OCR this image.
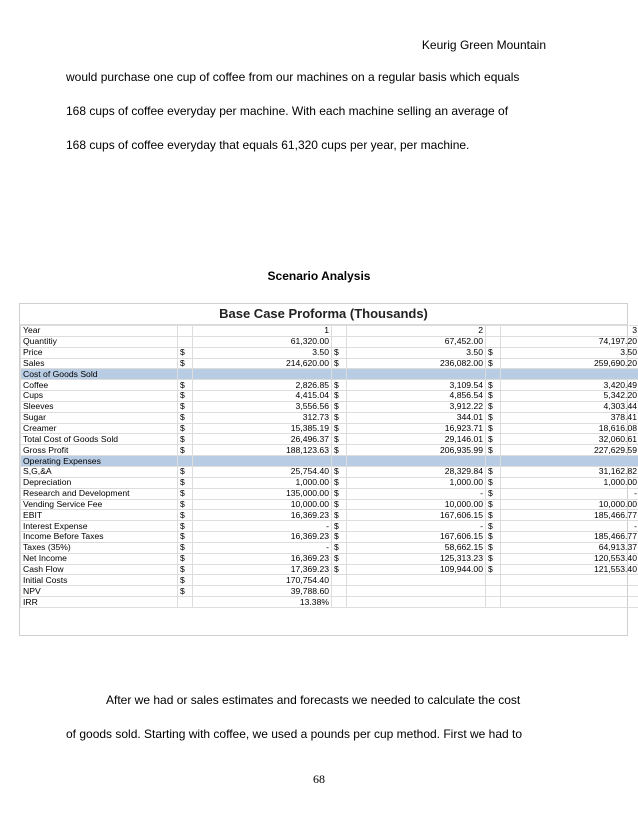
Keurig Green Mountain
would purchase one cup of coffee from our machines on a regular basis which equals
168 cups of coffee everyday per machine. With each machine selling an average of
168 cups of coffee everyday that equals 61,320 cups per year, per machine.
Scenario Analysis
Base Case Proforma (Thousands)
Year		1		2		3
Quantitiy		61,320.00		67,452.00		74,197.20
Price	$	3.50	$	3.50	$	3.50
Sales	$	214,620.00	$	236,082.00	$	259,690.20
Cost of Goods Sold						
Coffee	$	2,826.85	$	3,109.54	$	3,420.49
Cups	$	4,415.04	$	4,856.54	$	5,342.20
Sleeves	$	3,556.56	$	3,912.22	$	4,303.44
Sugar	$	312.73	$	344.01	$	378.41
Creamer	$	15,385.19	$	16,923.71	$	18,616.08
Total Cost of Goods Sold	$	26,496.37	$	29,146.01	$	32,060.61
Gross Profit	$	188,123.63	$	206,935.99	$	227,629.59
Operating Expenses						
S,G,&A	$	25,754.40	$	28,329.84	$	31,162.82
Depreciation	$	1,000.00	$	1,000.00	$	1,000.00
Research and Development	$	135,000.00	$	-	$	-
Vending Service Fee	$	10,000.00	$	10,000.00	$	10,000.00
EBIT	$	16,369.23	$	167,606.15	$	185,466.77
Interest Expense	$	-	$	-	$	-
Income Before Taxes	$	16,369.23	$	167,606.15	$	185,466.77
Taxes (35%)	$	-	$	58,662.15	$	64,913.37
Net Income	$	16,369.23	$	125,313.23	$	120,553.40
Cash Flow	$	17,369.23	$	109,944.00	$	121,553.40
Initial Costs	$	170,754.40				
NPV	$	39,788.60				
IRR		13.38%				
After we had or sales estimates and forecasts we needed to calculate the cost
of goods sold. Starting with coffee, we used a pounds per cup method. First we had to
68
